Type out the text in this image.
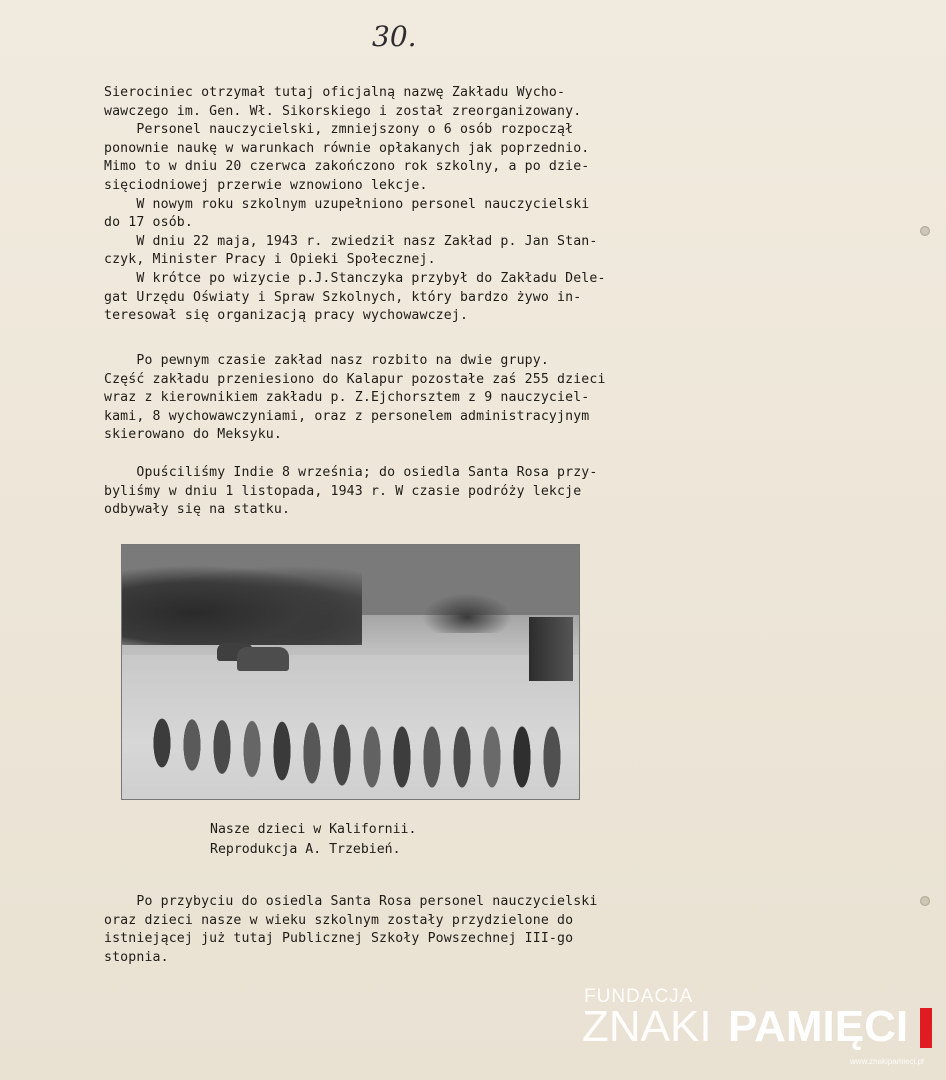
30.
Sierociniec otrzymał tutaj oficjalną nazwę Zakładu Wycho-
wawczego im. Gen. Wł. Sikorskiego i został zreorganizowany.
Personel nauczycielski, zmniejszony o 6 osób rozpoczął
ponownie naukę w warunkach równie opłakanych jak poprzednio.
Mimo to w dniu 20 czerwca zakończono rok szkolny, a po dzie-
sięciodniowej przerwie wznowiono lekcje.
W nowym roku szkolnym uzupełniono personel nauczycielski
do 17 osób.
W dniu 22 maja, 1943 r. zwiedził nasz Zakład p. Jan Stan-
czyk, Minister Pracy i Opieki Społecznej.
W krótce po wizycie p.J.Stanczyka przybył do Zakładu Dele-
gat Urzędu Oświaty i Spraw Szkolnych, który bardzo żywo in-
teresował się organizacją pracy wychowawczej.
Po pewnym czasie zakład nasz rozbito na dwie grupy.
Część zakładu przeniesiono do Kalapur pozostałe zaś 255 dzieci
wraz z kierownikiem zakładu p. Z.Ejchorsztem z 9 nauczyciel-
kami, 8 wychowawczyniami, oraz z personelem administracyjnym
skierowano do Meksyku.
Opuściliśmy Indie 8 września; do osiedla Santa Rosa przy-
byliśmy w dniu 1 listopada, 1943 r. W czasie podróży lekcje
odbywały się na statku.
Nasze dzieci w Kalifornii.
Reprodukcja A. Trzebień.
Po przybyciu do osiedla Santa Rosa personel nauczycielski
oraz dzieci nasze w wieku szkolnym zostały przydzielone do
istniejącej już tutaj Publicznej Szkoły Powszechnej III-go
stopnia.
FUNDACJA
ZNAKI PAMIĘCI
www.znakipamieci.pl
